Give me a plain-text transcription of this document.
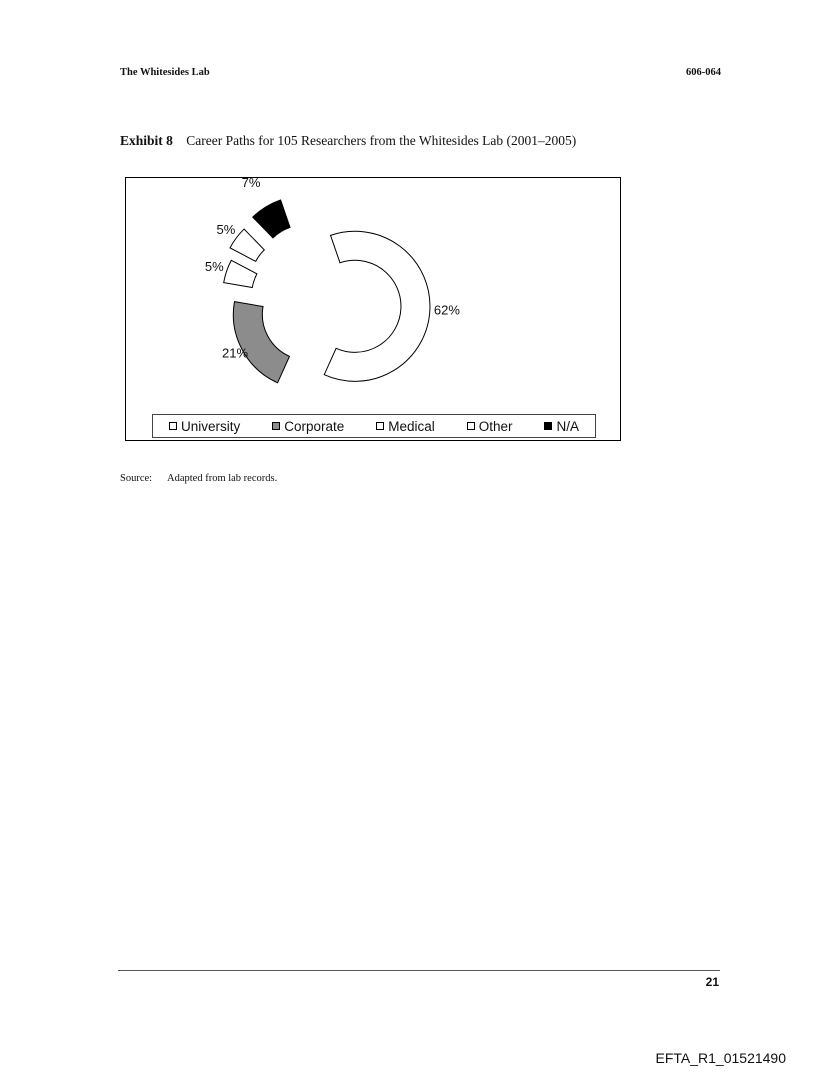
The Whitesides Lab	606-064
Exhibit 8 Career Paths for 105 Researchers from the Whitesides Lab (2001–2005)
62%
21%
5%
5%
7%
University	Corporate	Medical	Other	N/A
Source: Adapted from lab records.
21
EFTA_R1_01521490
